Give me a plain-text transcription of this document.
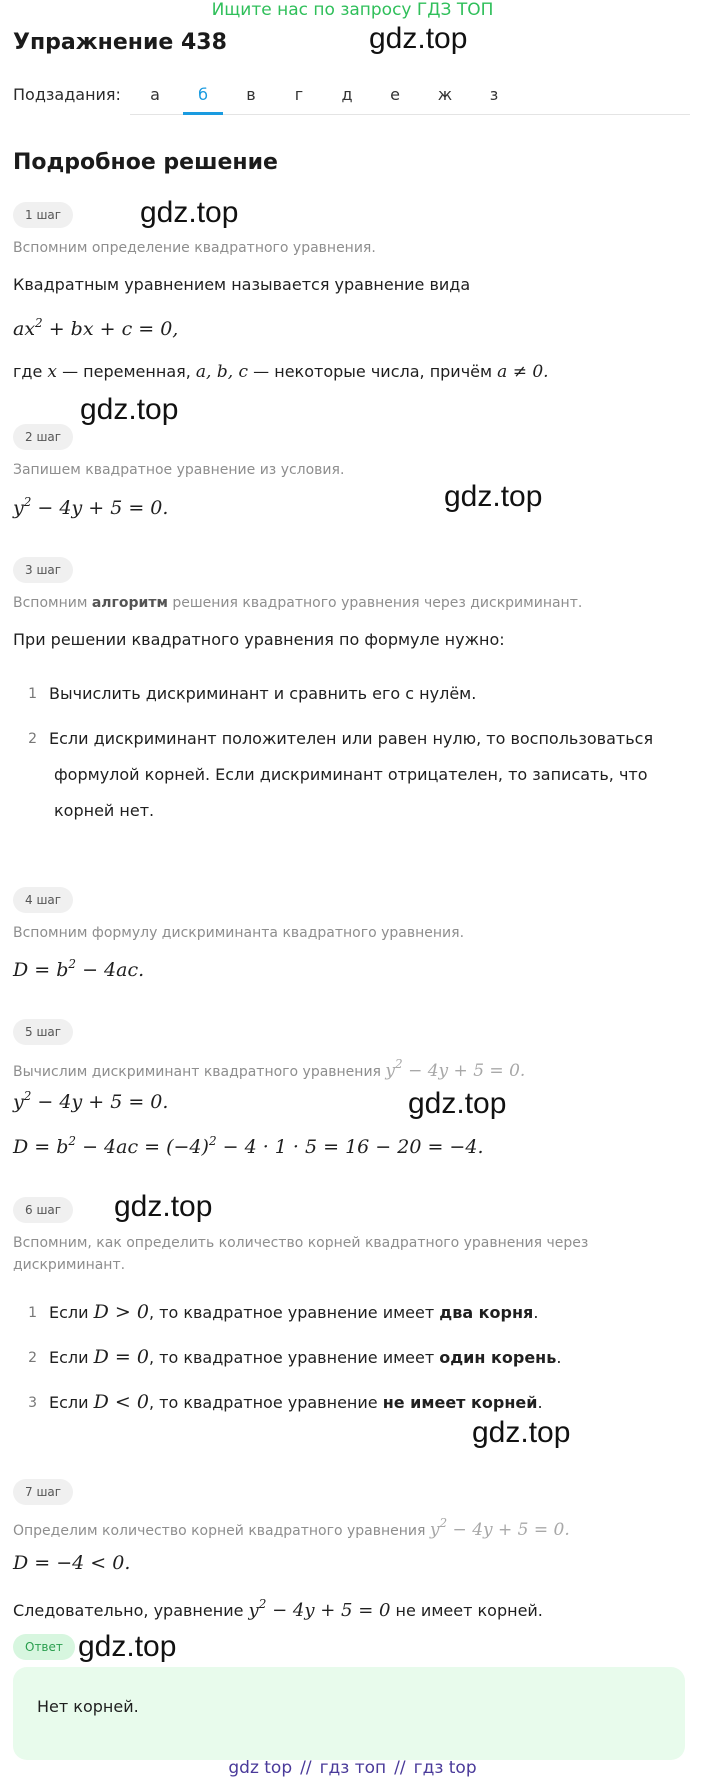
Ищите нас по запросу ГДЗ ТОП
Упражнение 438	gdz.top
Подзадания:	а	б	в	г	д	е	ж	з
Подробное решение
1 шаг	gdz.top
Вспомним определение квадратного уравнения.
Квадратным уравнением называется уравнение вида
$ax^2$ + bx + c = 0,
где x — переменная, a, b, c — некоторые числа, причём a ≠ 0.
gdz.top
2 шаг
Запишем квадратное уравнение из условия.
gdz.top
$y^2 - 4y + 5 = 0$.
3 шаг
Вспомним алгоритм решения квадратного уравнения через дискриминант.
При решении квадратного уравнения по формуле нужно:
1 Вычислить дискриминант и сравнить его с нулём.
2 Если дискриминант положителен или равен нулю, то воспользоваться
формулой корней. Если дискриминант отрицателен, то записать, что
корней нет.
4 шаг
Вспомним формулу дискриминанта квадратного уравнения.
$D = b^2 - 4ac$.
5 шаг
Вычислим дискриминант квадратного уравнения $y^2 - 4y + 5 = 0$.
$y^2 - 4y + 5 = 0$.	gdz.top
$D = b^2 - 4ac = (-4)^2 - 4 \cdot 1 \cdot 5 = 16 - 20 = -4$.
6 шаг	gdz.top
Вспомним, как определить количество корней квадратного уравнения через
дискриминант.
1 Если D > 0, то квадратное уравнение имеет два корня.
2 Если D = 0, то квадратное уравнение имеет один корень.
3 Если D < 0, то квадратное уравнение не имеет корней.
gdz.top
7 шаг
Определим количество корней квадратного уравнения $y^2 - 4y + 5 = 0$.
D = −4 < 0.
Следовательно, уравнение $y^2 - 4y + 5 = 0$ не имеет корней.
Ответ gdz.top
Нет корней.
gdz top // гдз топ // гдз top
